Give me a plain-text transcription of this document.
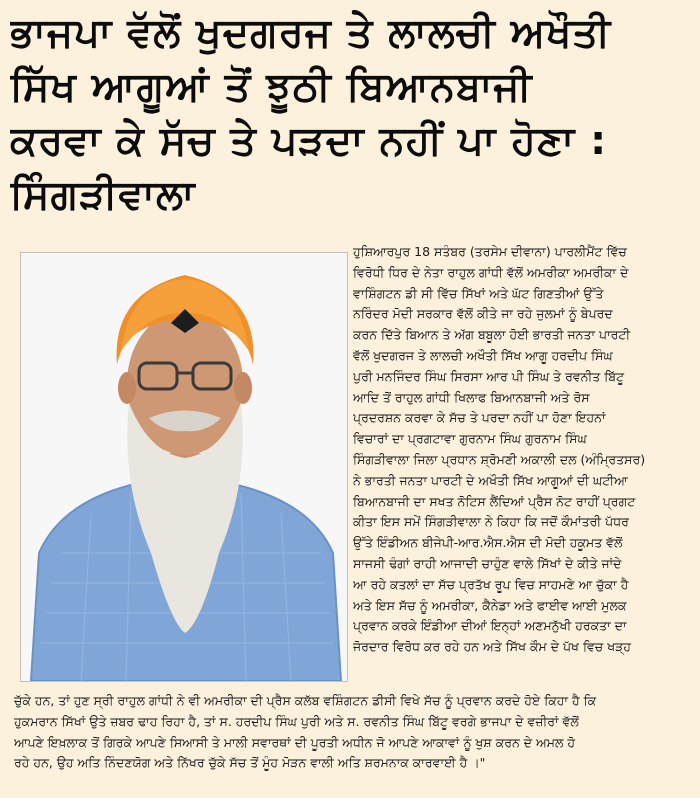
ਭਾਜਪਾ ਵੱਲੋਂ ਖੁਦਗਰਜ ਤੇ ਲਾਲਚੀ ਅਖੌਤੀ
ਸਿੱਖ ਆਗੂਆਂ ਤੋਂ ਝੂਠੀ ਬਿਆਨਬਾਜੀ
ਕਰਵਾ ਕੇ ਸੱਚ ਤੇ ਪੜਦਾ ਨਹੀਂ ਪਾ ਹੋਣਾ :
ਸਿੰਗੜੀਵਾਲਾ
ਹੁਸ਼ਿਆਰਪੁਰ 18 ਸਤੰਬਰ (ਤਰਸੇਮ ਦੀਵਾਨਾ) ਪਾਰਲੀਮੈਂਟ ਵਿੱਚ
ਵਿਰੋਧੀ ਧਿਰ ਦੇ ਨੇਤਾ ਰਾਹੁਲ ਗਾਂਧੀ ਵੱਲੋਂ ਅਮਰੀਕਾ ਅਮਰੀਕਾ ਦੇ
ਵਾਸ਼ਿੰਗਟਨ ਡੀ ਸੀ ਵਿੱਚ ਸਿੱਖਾਂ ਅਤੇ ਘੱਟ ਗਿਣਤੀਆਂ ਉੱਤੇ
ਨਰਿੰਦਰ ਮੋਦੀ ਸਰਕਾਰ ਵੱਲੋਂ ਕੀਤੇ ਜਾ ਰਹੇ ਜੁਲਮਾਂ ਨੂੰ ਬੇਪਰਦ
ਕਰਨ ਦਿੱਤੇ ਬਿਆਨ ਤੇ ਅੱਗ ਬਬੂਲਾ ਹੋਈ ਭਾਰਤੀ ਜਨਤਾ ਪਾਰਟੀ
ਵੱਲੋਂ ਖੁਦਗਰਜ ਤੇ ਲਾਲਚੀ ਅਖੌਤੀ ਸਿੱਖ ਆਗੂ ਹਰਦੀਪ ਸਿੰਘ
ਪੁਰੀ ਮਨਜਿੰਦਰ ਸਿੰਘ ਸਿਰਸਾ ਆਰ ਪੀ ਸਿੰਘ ਤੇ ਰਵਨੀਤ ਬਿੱਟੂ
ਆਦਿ ਤੋਂ ਰਾਹੁਲ ਗਾਂਧੀ ਖਿਲਾਫ ਬਿਆਨਬਾਜੀ ਅਤੇ ਰੋਸ
ਪ੍ਰਦਰਸ਼ਨ ਕਰਵਾ ਕੇ ਸੱਚ ਤੇ ਪਰਦਾ ਨਹੀਂ ਪਾ ਹੋਣਾ ਇਹਨਾਂ
ਵਿਚਾਰਾਂ ਦਾ ਪ੍ਰਗਟਾਵਾ ਗੁਰਨਾਮ ਸਿੰਘ ਗੁਰਨਾਮ ਸਿੰਘ
ਸਿੰਗੜੀਵਾਲਾ ਜਿਲਾ ਪ੍ਰਧਾਨ ਸ਼੍ਰੋਮਣੀ ਅਕਾਲੀ ਦਲ (ਅੰਮ੍ਰਿਤਸਰ)
ਨੇ ਭਾਰਤੀ ਜਨਤਾ ਪਾਰਟੀ ਦੇ ਅਖੌਤੀ ਸਿੱਖ ਆਗੂਆਂ ਦੀ ਘਟੀਆ
ਬਿਆਨਬਾਜੀ ਦਾ ਸਖਤ ਨੋਟਿਸ ਲੈਂਦਿਆਂ ਪ੍ਰੈਸ ਨੋਟ ਰਾਹੀਂ ਪ੍ਰਗਟ
ਕੀਤਾ ਇਸ ਸਮੇਂ ਸਿੰਗੜੀਵਾਲਾ ਨੇ ਕਿਹਾ ਕਿ ਜਦੋਂ ਕੌਮਾਂਤਰੀ ਪੱਧਰ
ਉੱਤੇ ਇੰਡੀਅਨ ਬੀਜੇਪੀ-ਆਰ.ਐਸ.ਐਸ ਦੀ ਮੋਦੀ ਹਕੂਮਤ ਵੱਲੋਂ
ਸਾਜਸੀ ਢੰਗਾਂ ਰਾਹੀ ਆਜਾਦੀ ਚਾਹੁੰਣ ਵਾਲੇ ਸਿੱਖਾਂ ਦੇ ਕੀਤੇ ਜਾਂਦੇ
ਆ ਰਹੇ ਕਤਲਾਂ ਦਾ ਸੱਚ ਪ੍ਰਤੱਖ ਰੂਪ ਵਿਚ ਸਾਹਮਣੇ ਆ ਚੁੱਕਾ ਹੈ
ਅਤੇ ਇਸ ਸੱਚ ਨੂੰ ਅਮਰੀਕਾ, ਕੈਨੇਡਾ ਅਤੇ ਫਾਈਵ ਆਈ ਮੁਲਕ
ਪ੍ਰਵਾਨ ਕਰਕੇ ਇੰਡੀਆ ਦੀਆਂ ਇਨ੍ਹਾਂ ਅਣਮਨੁੱਖੀ ਹਰਕਤਾ ਦਾ
ਜੋਰਦਾਰ ਵਿਰੋਧ ਕਰ ਰਹੇ ਹਨ ਅਤੇ ਸਿੱਖ ਕੌਮ ਦੇ ਪੱਖ ਵਿਚ ਖੜ੍ਹ
ਚੁੱਕੇ ਹਨ, ਤਾਂ ਹੁਣ ਸ੍ਰੀ ਰਾਹੁਲ ਗਾਂਧੀ ਨੇ ਵੀ ਅਮਰੀਕਾ ਦੀ ਪ੍ਰੈਸ ਕਲੱਬ ਵਸ਼ਿੰਗਟਨ ਡੀਸੀ ਵਿਖੇ ਸੱਚ ਨੂੰ ਪ੍ਰਵਾਨ ਕਰਦੇ ਹੋਏ ਕਿਹਾ ਹੈ ਕਿ
ਹੁਕਮਰਾਨ ਸਿੱਖਾਂ ਉਤੇ ਜ਼ਬਰ ਢਾਹ ਰਿਹਾ ਹੈ, ਤਾਂ ਸ. ਹਰਦੀਪ ਸਿੰਘ ਪੁਰੀ ਅਤੇ ਸ. ਰਵਨੀਤ ਸਿੰਘ ਬਿੱਟੂ ਵਰਗੇ ਭਾਜਪਾ ਦੇ ਵਜ਼ੀਰਾਂ ਵੱਲੋਂ
ਆਪਣੇ ਇਖ਼ਲਾਕ ਤੋਂ ਗਿਰਕੇ ਆਪਣੇ ਸਿਆਸੀ ਤੇ ਮਾਲੀ ਸਵਾਰਥਾਂ ਦੀ ਪੂਰਤੀ ਅਧੀਨ ਜੋ ਆਪਣੇ ਆਕਾਵਾਂ ਨੂੰ ਖੁਸ਼ ਕਰਨ ਦੇ ਅਮਲ ਹੋ
ਰਹੇ ਹਨ, ਉਹ ਅਤਿ ਨਿੰਦਣਯੋਗ ਅਤੇ ਨਿੱਖਰ ਚੁੱਕੇ ਸੱਚ ਤੋਂ ਮੂੰਹ ਮੋੜਨ ਵਾਲੀ ਅਤਿ ਸ਼ਰਮਨਾਕ ਕਾਰਵਾਈ ਹੈ ।"
